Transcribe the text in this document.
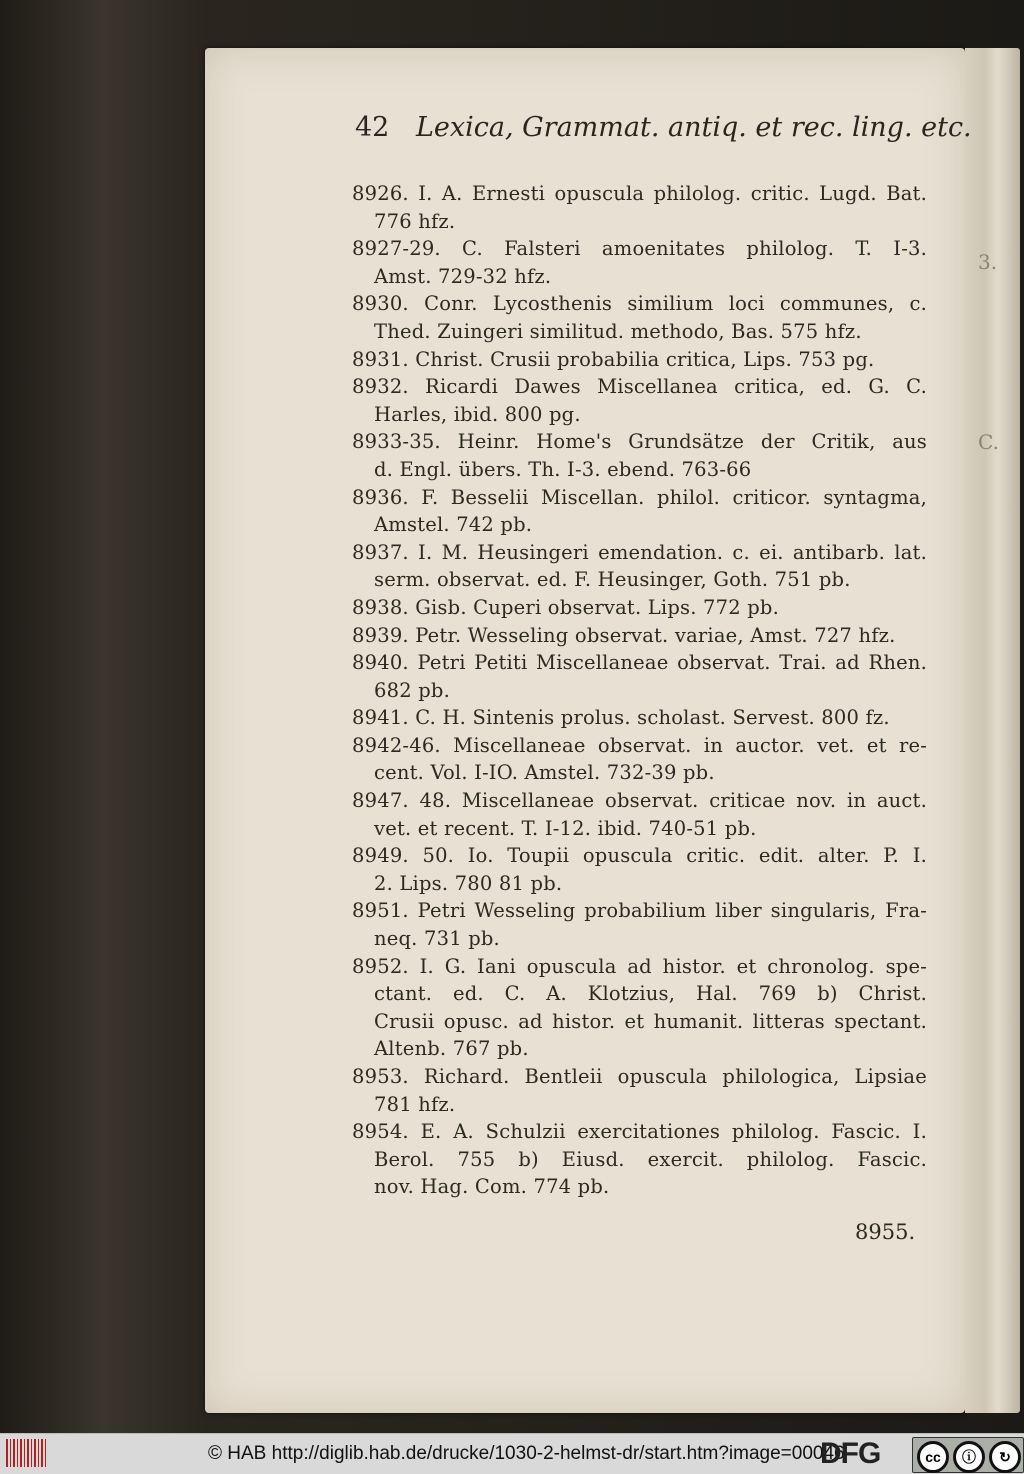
3.
C.
42 Lexica, Grammat. antiq. et rec. ling. etc.
8926. I. A. Ernesti opuscula philolog. critic. Lugd. Bat.
776 hfz.
8927-29. C. Falsteri amoenitates philolog. T. I-3.
Amst. 729-32 hfz.
8930. Conr. Lycosthenis similium loci communes, c.
Thed. Zuingeri similitud. methodo, Bas. 575 hfz.
8931. Christ. Crusii probabilia critica, Lips. 753 pg.
8932. Ricardi Dawes Miscellanea critica, ed. G. C.
Harles, ibid. 800 pg.
8933-35. Heinr. Home's Grundsätze der Critik, aus
d. Engl. übers. Th. I-3. ebend. 763-66
8936. F. Besselii Miscellan. philol. criticor. syntagma,
Amstel. 742 pb.
8937. I. M. Heusingeri emendation. c. ei. antibarb. lat.
serm. observat. ed. F. Heusinger, Goth. 751 pb.
8938. Gisb. Cuperi observat. Lips. 772 pb.
8939. Petr. Wesseling observat. variae, Amst. 727 hfz.
8940. Petri Petiti Miscellaneae observat. Trai. ad Rhen.
682 pb.
8941. C. H. Sintenis prolus. scholast. Servest. 800 fz.
8942-46. Miscellaneae observat. in auctor. vet. et re-
cent. Vol. I-IO. Amstel. 732-39 pb.
8947. 48. Miscellaneae observat. criticae nov. in auct.
vet. et recent. T. I-12. ibid. 740-51 pb.
8949. 50. Io. Toupii opuscula critic. edit. alter. P. I.
2. Lips. 780 81 pb.
8951. Petri Wesseling probabilium liber singularis, Fra-
neq. 731 pb.
8952. I. G. Iani opuscula ad histor. et chronolog. spe-
ctant. ed. C. A. Klotzius, Hal. 769 b) Christ.
Crusii opusc. ad histor. et humanit. litteras spectant.
Altenb. 767 pb.
8953. Richard. Bentleii opuscula philologica, Lipsiae
781 hfz.
8954. E. A. Schulzii exercitationes philolog. Fascic. I.
Berol. 755 b) Eiusd. exercit. philolog. Fascic.
nov. Hag. Com. 774 pb.
8955.
© HAB http://diglib.hab.de/drucke/1030-2-helmst-dr/start.htm?image=00046
DFG	cc	ⓘ	↻
